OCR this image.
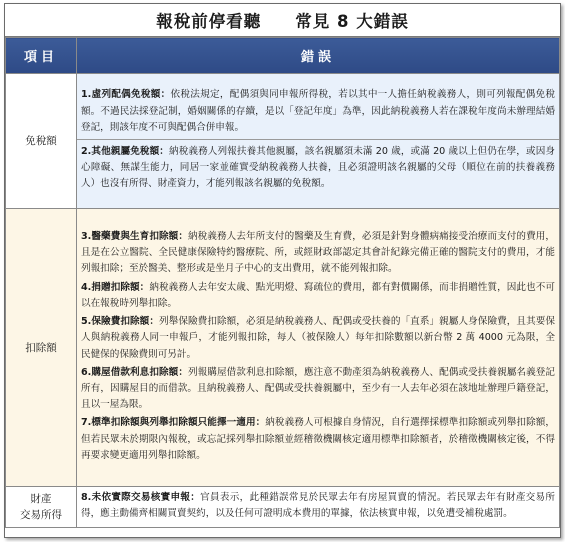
報稅前停看聽 常見 8 大錯誤
項目	錯誤
免稅額	1.虛列配偶免稅額：依稅法規定，配偶須與同申報所得稅，若以其中一人擔任納稅義務人，則可列報配偶免稅額。不過民法採登記制，婚姻關係的存續，是以「登記年度」為準，因此納稅義務人若在課稅年度尚未辦理結婚登記，則該年度不可與配偶合併申報。
2.其他親屬免稅額：納稅義務人列報扶養其他親屬，該名親屬須未滿 20 歲，或滿 20 歲以上但仍在學，或因身心障礙、無謀生能力，同居一家並確實受納稅義務人扶養，且必須證明該名親屬的父母（順位在前的扶養義務人）也沒有所得、財產資力，才能列報該名親屬的免稅額。

扣除額	3.醫藥費與生育扣除額：納稅義務人去年所支付的醫藥及生育費，必須是針對身體病痛接受治療而支付的費用，且是在公立醫院、全民健康保險特約醫療院、所，或經財政部認定其會計紀錄完備正確的醫院支付的費用，才能列報扣除；至於醫美、整形或是坐月子中心的支出費用，就不能列報扣除。
4.捐贈扣除額：納稅義務人去年安太歲、點光明燈、寫疏位的費用，都有對價關係，而非捐贈性質，因此也不可以在報稅時列舉扣除。
5.保險費扣除額：列舉保險費扣除額，必須是納稅義務人、配偶或受扶養的「直系」親屬人身保險費，且其要保人與納稅義務人同一申報戶，才能列報扣除，每人（被保險人）每年扣除數額以新台幣 2 萬 4000 元為限，全民健保的保險費則可另計。
6.購屋借款利息扣除額：列報購屋借款利息扣除額，應注意不動產須為納稅義務人、配偶或受扶養親屬名義登記所有，因購屋目的而借款。且納稅義務人、配偶或受扶養親屬中，至少有一人去年必須在該地址辦理戶籍登記，且以一屋為限。
7.標準扣除額與列舉扣除額只能擇一適用：納稅義務人可根據自身情況，自行選擇採標準扣除額或列舉扣除額，但若民眾未於期限內報稅，或忘記採列舉扣除額並經稽徵機關核定適用標準扣除額者，於稽徵機關核定後，不得再要求變更適用列舉扣除額。

財產
交易所得	8.未依實際交易核實申報：官員表示，此種錯誤常見於民眾去年有房屋買賣的情況。若民眾去年有財產交易所得，應主動備齊相關買賣契約，以及任何可證明成本費用的單據，依法核實申報，以免遭受補稅處罰。
